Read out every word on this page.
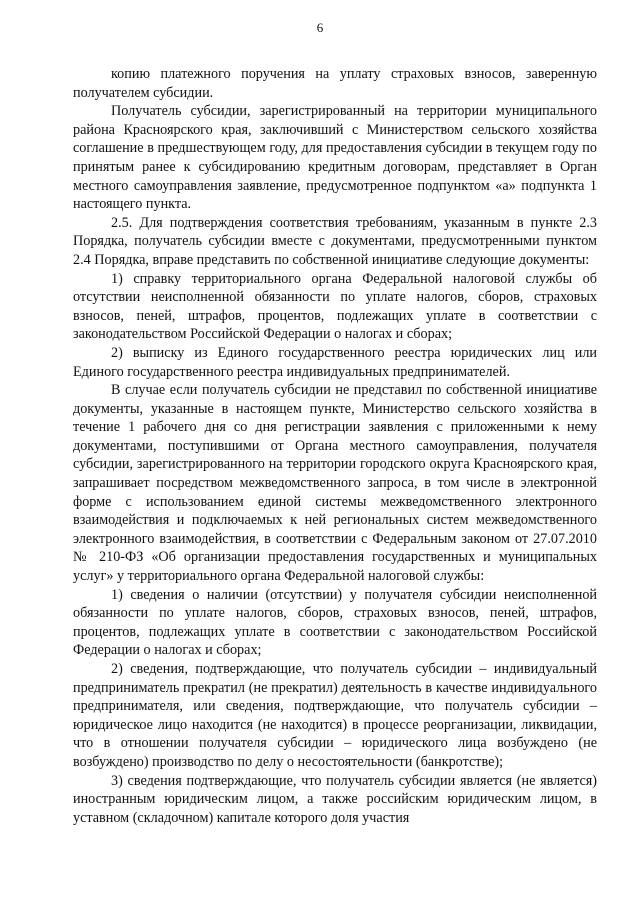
6

копию платежного поручения на уплату страховых взносов, заверенную получателем субсидии.

Получатель субсидии, зарегистрированный на территории муниципального района Красноярского края, заключивший с Министерством сельского хозяйства соглашение в предшествующем году, для предоставления субсидии в текущем году по принятым ранее к субсидированию кредитным договорам, представляет в Орган местного самоуправления заявление, предусмотренное подпунктом «а» подпункта 1 настоящего пункта.

2.5. Для подтверждения соответствия требованиям, указанным в пункте 2.3 Порядка, получатель субсидии вместе с документами, предусмотренными пунктом 2.4 Порядка, вправе представить по собственной инициативе следующие документы:

1) справку территориального органа Федеральной налоговой службы об отсутствии неисполненной обязанности по уплате налогов, сборов, страховых взносов, пеней, штрафов, процентов, подлежащих уплате в соответствии с законодательством Российской Федерации о налогах и сборах;

2) выписку из Единого государственного реестра юридических лиц или Единого государственного реестра индивидуальных предпринимателей.

В случае если получатель субсидии не представил по собственной инициативе документы, указанные в настоящем пункте, Министерство сельского хозяйства в течение 1 рабочего дня со дня регистрации заявления с приложенными к нему документами, поступившими от Органа местного самоуправления, получателя субсидии, зарегистрированного на территории городского округа Красноярского края, запрашивает посредством межведомственного запроса, в том числе в электронной форме с использованием единой системы межведомственного электронного взаимодействия и подключаемых к ней региональных систем межведомственного электронного взаимодействия, в соответствии с Федеральным законом от 27.07.2010 № 210-ФЗ «Об организации предоставления государственных и муниципальных услуг» у территориального органа Федеральной налоговой службы:

1) сведения о наличии (отсутствии) у получателя субсидии неисполненной обязанности по уплате налогов, сборов, страховых взносов, пеней, штрафов, процентов, подлежащих уплате в соответствии с законодательством Российской Федерации о налогах и сборах;

2) сведения, подтверждающие, что получатель субсидии – индивидуальный предприниматель прекратил (не прекратил) деятельность в качестве индивидуального предпринимателя, или сведения, подтверждающие, что получатель субсидии – юридическое лицо находится (не находится) в процессе реорганизации, ликвидации, что в отношении получателя субсидии – юридического лица возбуждено (не возбуждено) производство по делу о несостоятельности (банкротстве);

3) сведения подтверждающие, что получатель субсидии является (не является) иностранным юридическим лицом, а также российским юридическим лицом, в уставном (складочном) капитале которого доля участия
